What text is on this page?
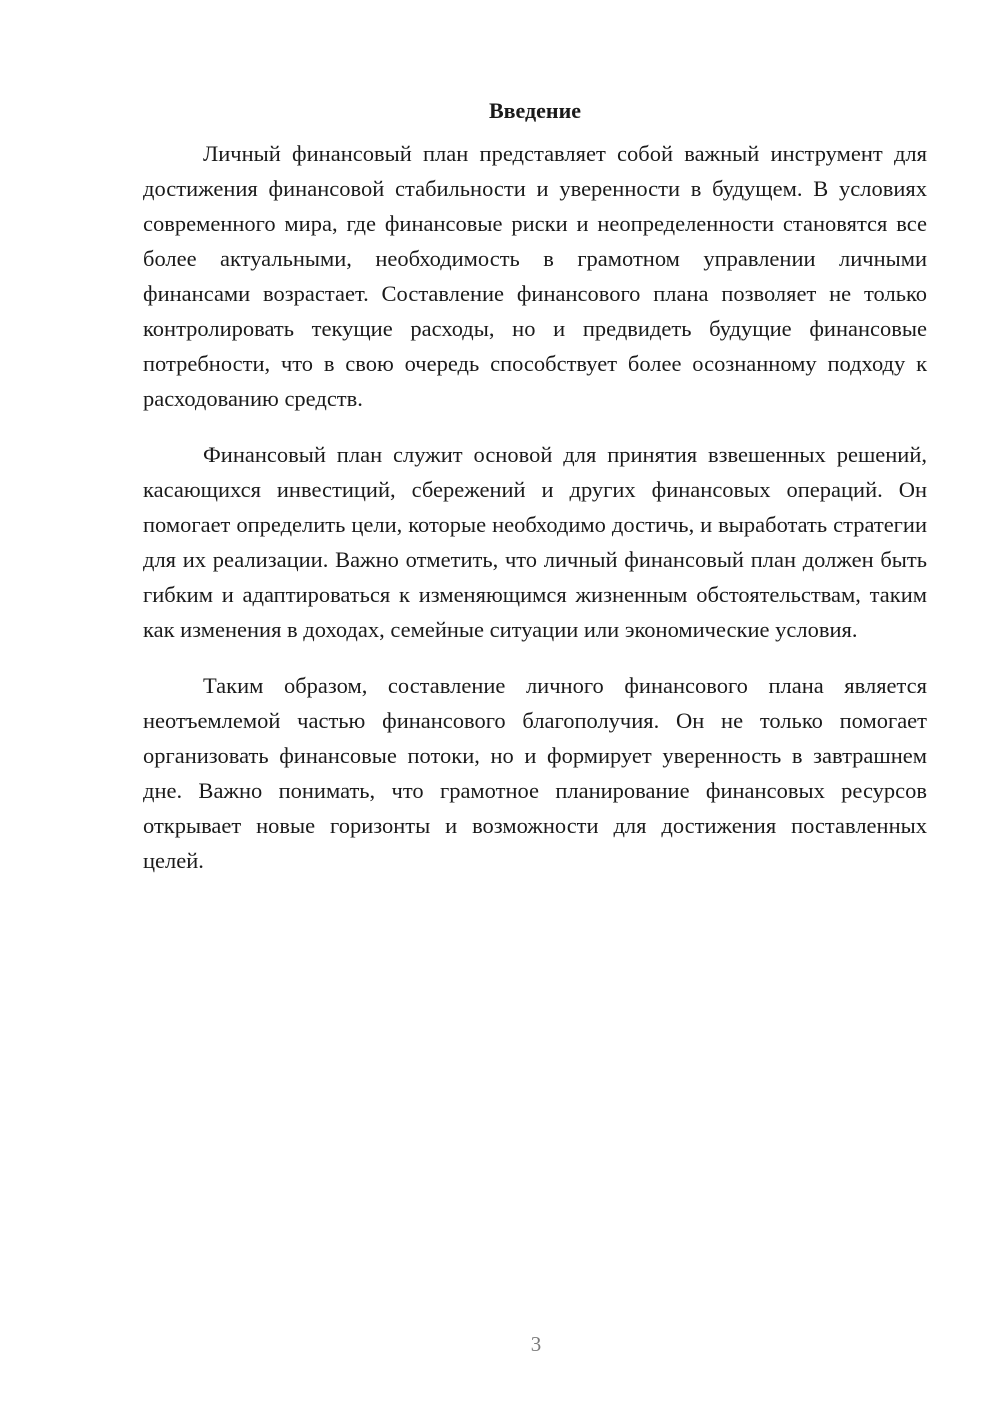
Введение

Личный финансовый план представляет собой важный инструмент для достижения финансовой стабильности и уверенности в будущем. В условиях современного мира, где финансовые риски и неопределенности становятся все более актуальными, необходимость в грамотном управлении личными финансами возрастает. Составление финансового плана позволяет не только контролировать текущие расходы, но и предвидеть будущие финансовые потребности, что в свою очередь способствует более осознанному подходу к расходованию средств.

Финансовый план служит основой для принятия взвешенных решений, касающихся инвестиций, сбережений и других финансовых операций. Он помогает определить цели, которые необходимо достичь, и выработать стратегии для их реализации. Важно отметить, что личный финансовый план должен быть гибким и адаптироваться к изменяющимся жизненным обстоятельствам, таким как изменения в доходах, семейные ситуации или экономические условия.

Таким образом, составление личного финансового плана является неотъемлемой частью финансового благополучия. Он не только помогает организовать финансовые потоки, но и формирует уверенность в завтрашнем дне. Важно понимать, что грамотное планирование финансовых ресурсов открывает новые горизонты и возможности для достижения поставленных целей.

3
